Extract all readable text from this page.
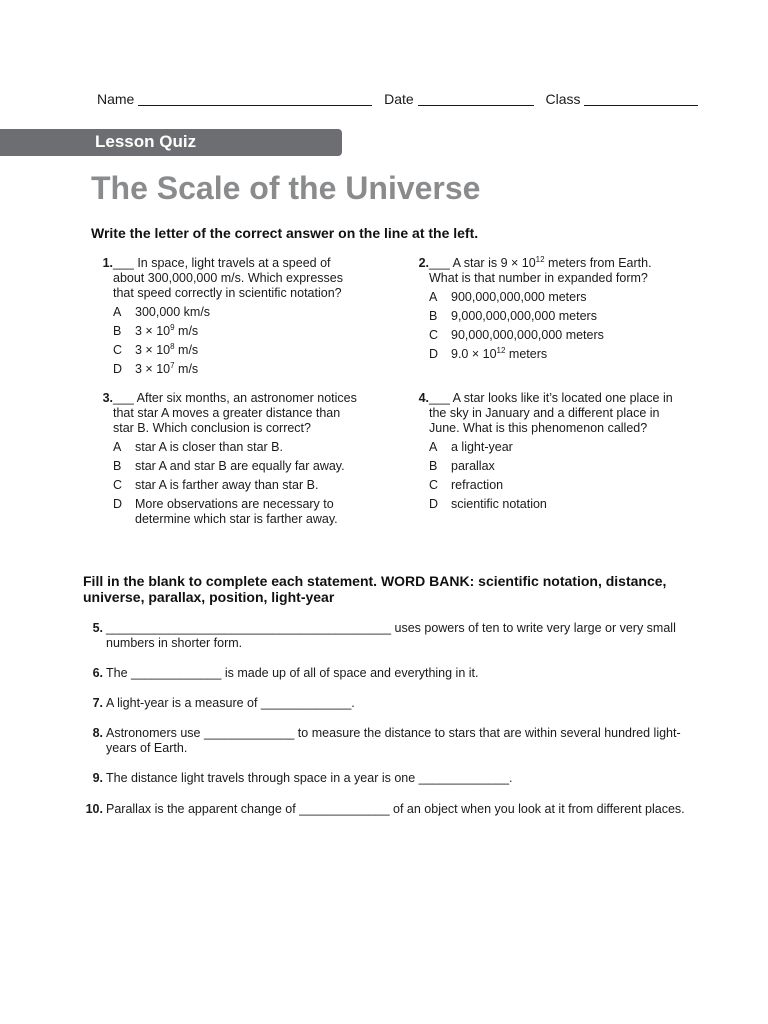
Name	Date	Class
Lesson Quiz
The Scale of the Universe
Write the letter of the correct answer on the line at the left.
1. ___ In space, light travels at a speed of about 300,000,000 m/s. Which expresses that speed correctly in scientific notation?
A	300,000 km/s
B	$3 \times 10^9$ m/s
C	$3 \times 10^8$ m/s
D	$3 \times 10^7$ m/s
2. ___ A star is $9 \times 10^{12}$ meters from Earth. What is that number in expanded form?
A	900,000,000,000 meters
B	9,000,000,000,000 meters
C	90,000,000,000,000 meters
D	$9.0 \times 10^{12}$ meters
3. ___ After six months, an astronomer notices that star A moves a greater distance than star B. Which conclusion is correct?
A	star A is closer than star B.
B	star A and star B are equally far away.
C	star A is farther away than star B.
D	More observations are necessary to determine which star is farther away.
4. ___ A star looks like it’s located one place in the sky in January and a different place in June. What is this phenomenon called?
A	a light-year
B	parallax
C	refraction
D	scientific notation
Fill in the blank to complete each statement. WORD BANK: scientific notation, distance, universe, parallax, position, light-year
5. _________________________________________ uses powers of ten to write very large or very small numbers in shorter form.
6. The _____________ is made up of all of space and everything in it.
7. A light-year is a measure of _____________.
8. Astronomers use _____________ to measure the distance to stars that are within several hundred light-years of Earth.
9. The distance light travels through space in a year is one _____________.
10. Parallax is the apparent change of _____________ of an object when you look at it from different places.
